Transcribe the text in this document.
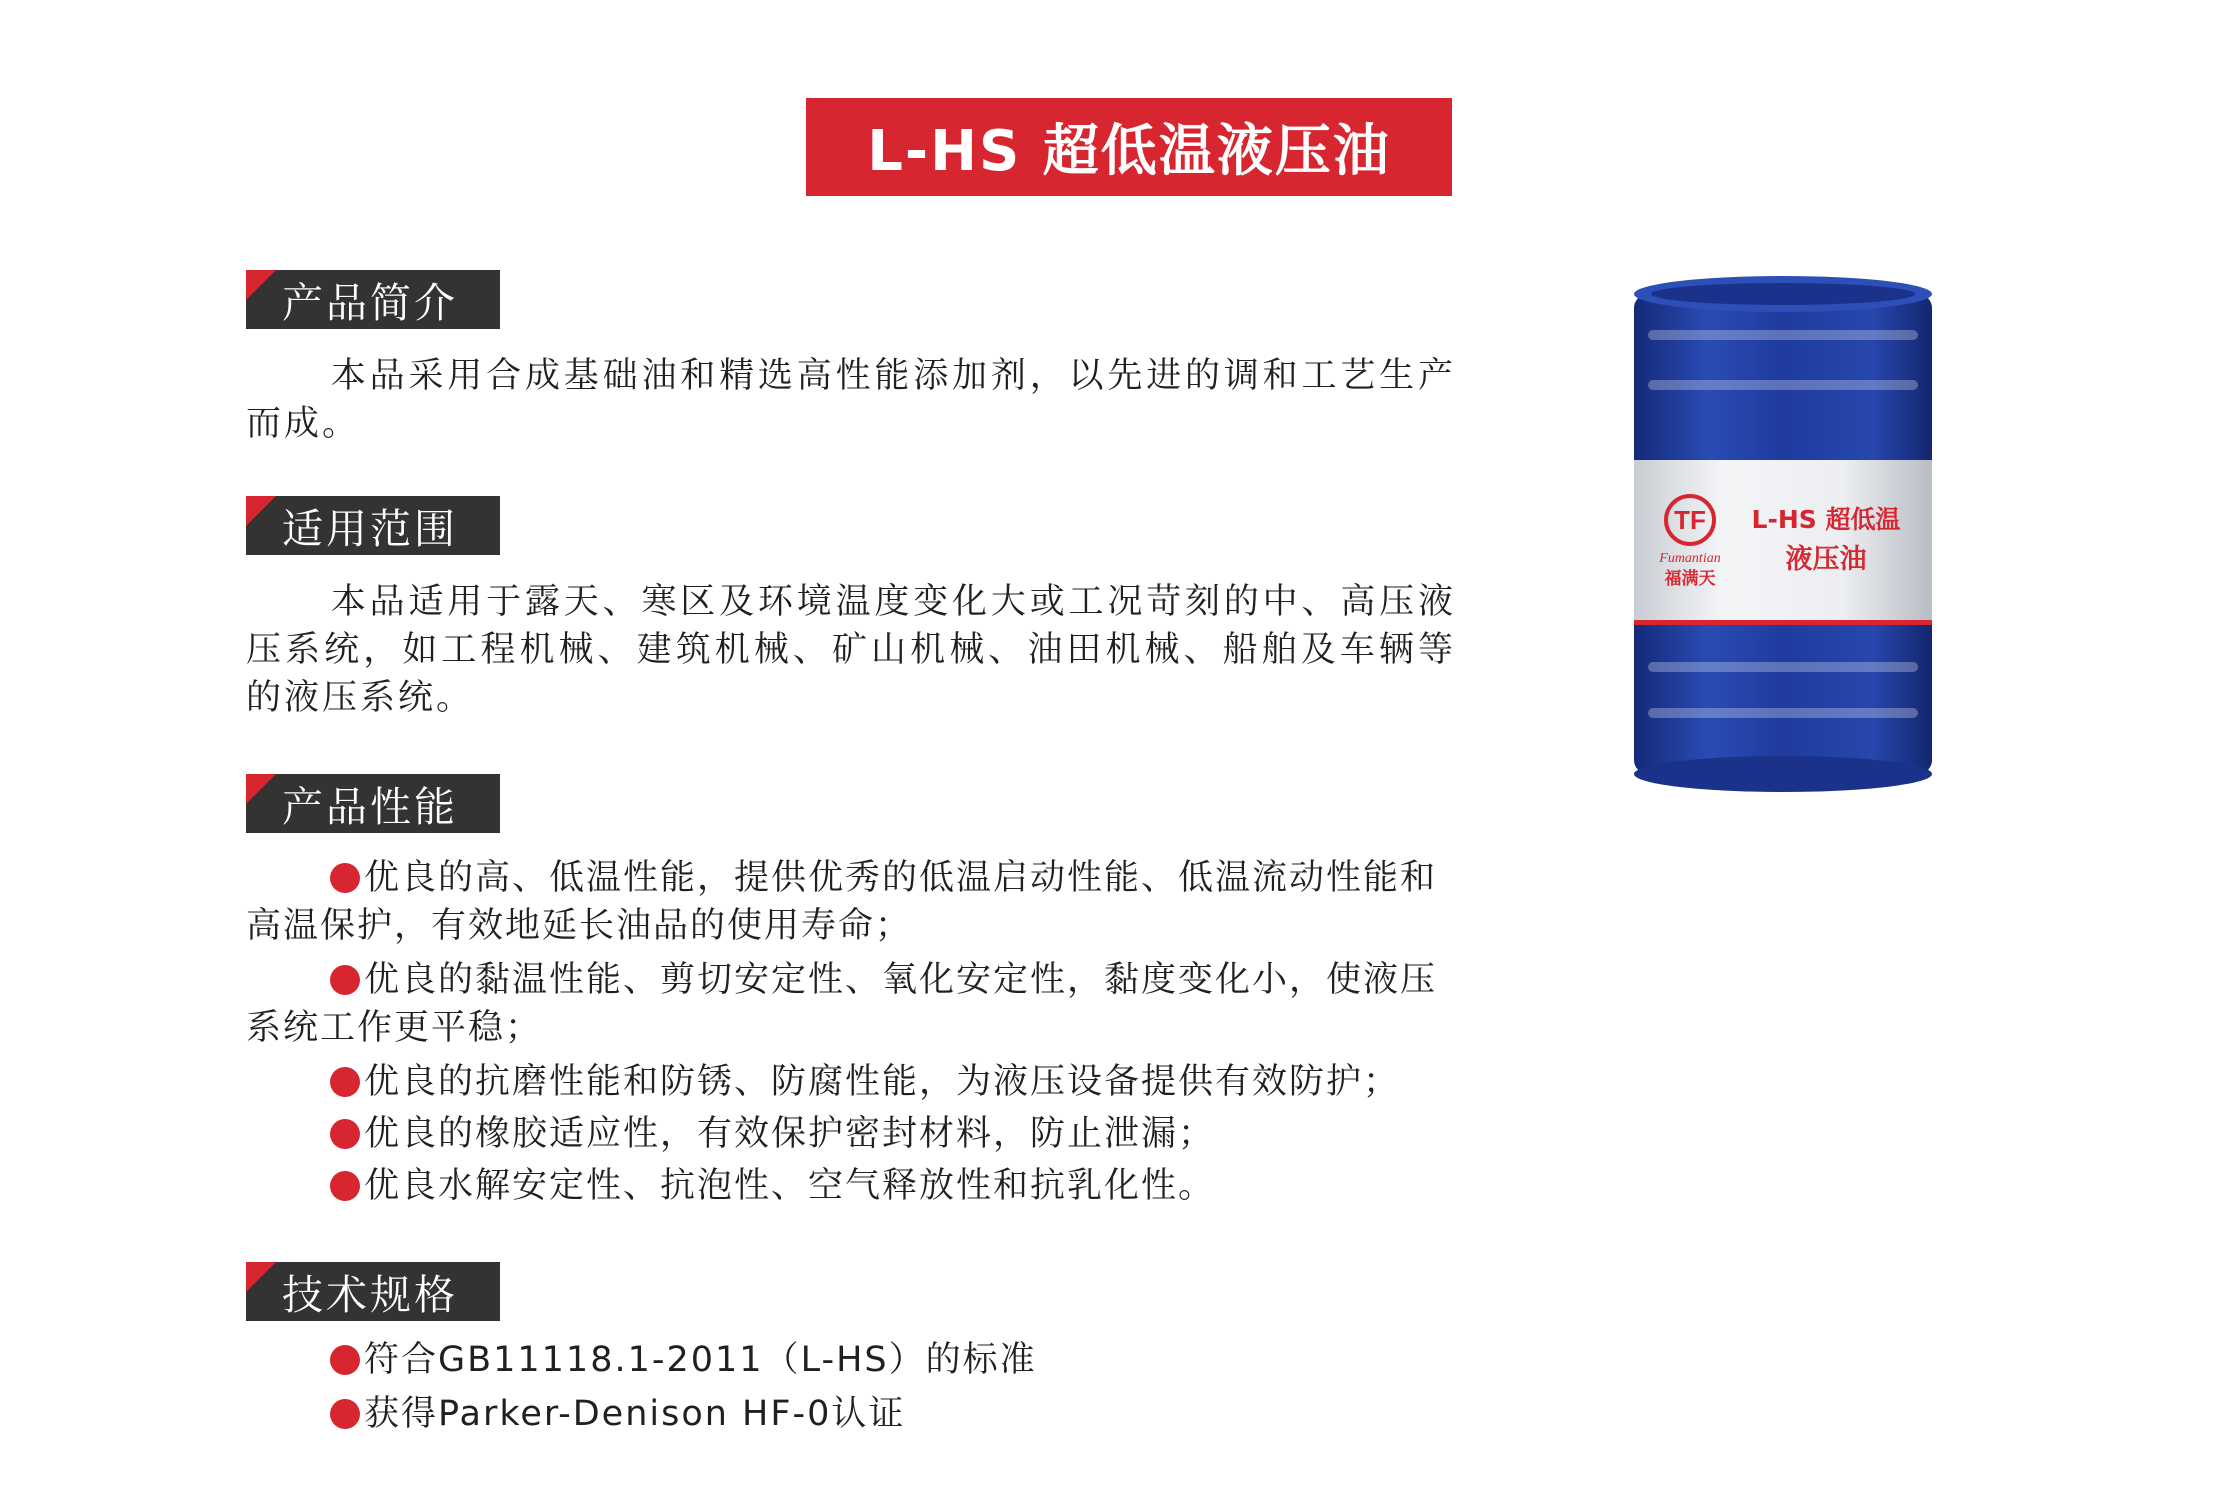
L-HS 超低温液压油
产品简介

本品采用合成基础油和精选高性能添加剂，以先进的调和工艺生产而成。

适用范围

本品适用于露天、寒区及环境温度变化大或工况苛刻的中、高压液压系统，如工程机械、建筑机械、矿山机械、油田机械、船舶及车辆等的液压系统。

产品性能
优良的高、低温性能，提供优秀的低温启动性能、低温流动性能和高温保护，有效地延长油品的使用寿命；
优良的黏温性能、剪切安定性、氧化安定性，黏度变化小，使液压系统工作更平稳；
优良的抗磨性能和防锈、防腐性能，为液压设备提供有效防护；
优良的橡胶适应性，有效保护密封材料，防止泄漏；
优良水解安定性、抗泡性、空气释放性和抗乳化性。
技术规格
符合GB11118.1-2011（L-HS）的标准
获得Parker-Denison HF-0认证
TF
Fumantian
福满天
L-HS 超低温
液压油
